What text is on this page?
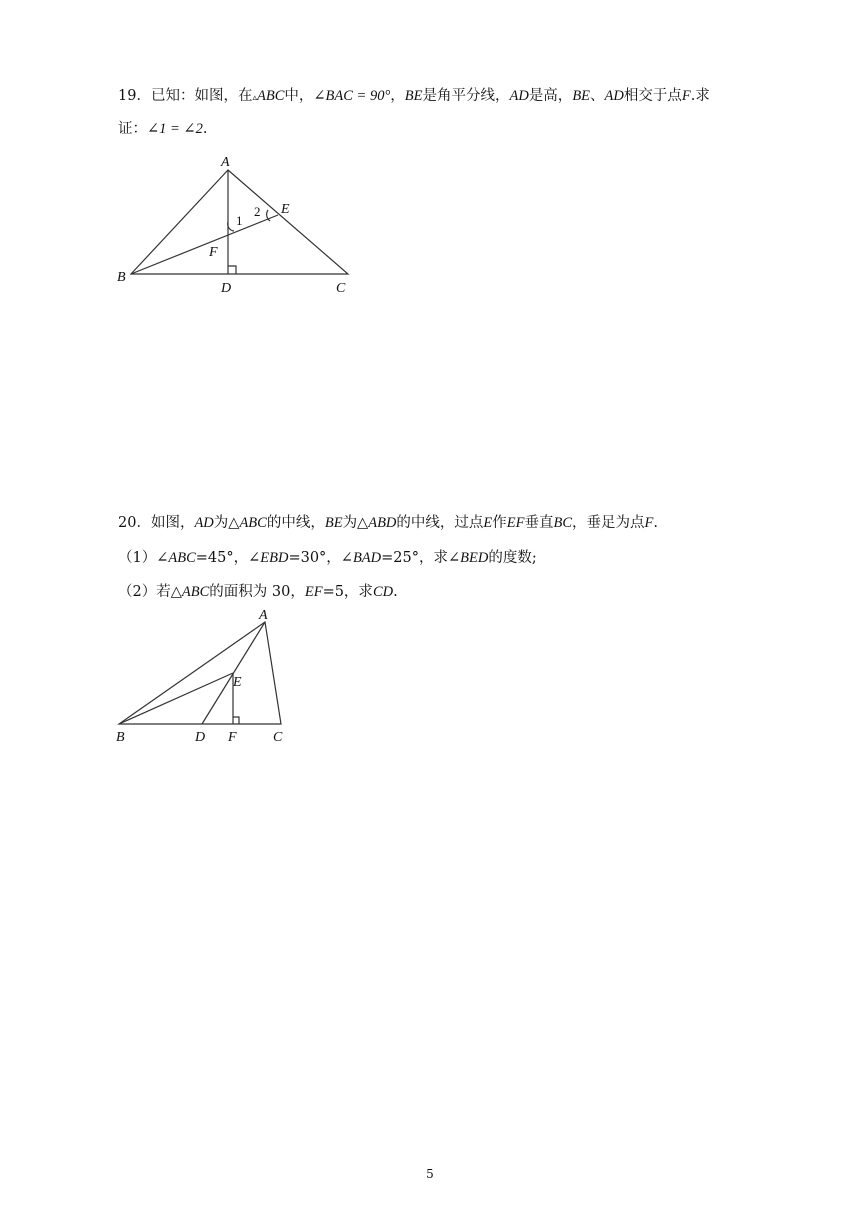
19．已知：如图，在▵ABC中，∠BAC = 90°，BE是角平分线，AD是高，BE、AD相交于点F.求
证：∠1 = ∠2.
A
B
C
D
E
F
1
2
20．如图，AD为△ABC的中线，BE为△ABD的中线，过点E作EF垂直BC，垂足为点F.
（1）∠ABC=45°，∠EBD=30°，∠BAD=25°，求∠BED的度数;
（2）若△ABC的面积为 30，EF=5，求CD.
A
B	C
D
E
F
5
